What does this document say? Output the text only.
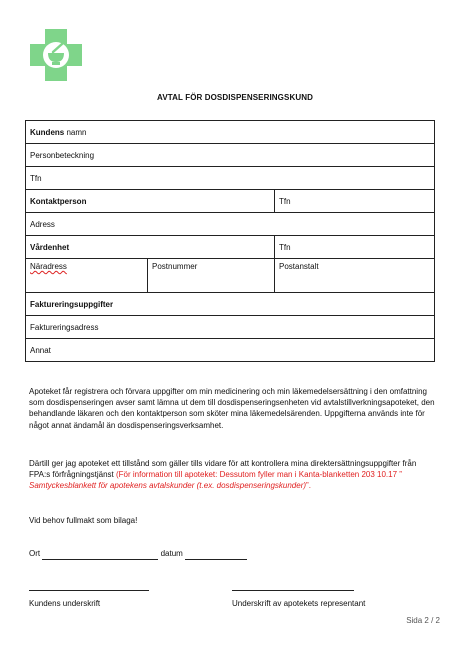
AVTAL FÖR DOSDISPENSERINGSKUND
Kundens namn		
Personbeteckning		
Tfn		
Kontaktperson		Tfn
Adress		
Vårdenhet		Tfn
Näradress	Postnummer	Postanstalt
Faktureringsuppgifter		
Faktureringsadress		
Annat		

Apoteket får registrera och förvara uppgifter om min medicinering och min läkemedelsersättning i den omfattning som dosdispenseringen avser samt lämna ut dem till dosdispenseringsenheten vid avtalstillverkningsapoteket, den behandlande läkaren och den kontaktperson som sköter mina läkemedelsärenden. Uppgifterna används inte för något annat ändamål än dosdispenseringsverksamhet.

Därtill ger jag apoteket ett tillstånd som gäller tills vidare för att kontrollera mina direktersättningsuppgifter från FPA:s förfrågningstjänst (För information till apoteket: Dessutom fyller man i Kanta-blanketten 203 10.17 ” Samtyckesblankett för apotekens avtalskunder (t.ex. dosdispenseringskunder)”.

Vid behov fullmakt som bilaga!

Ort	datum
Kundens underskrift	Underskrift av apotekets representant
Sida 2 / 2
